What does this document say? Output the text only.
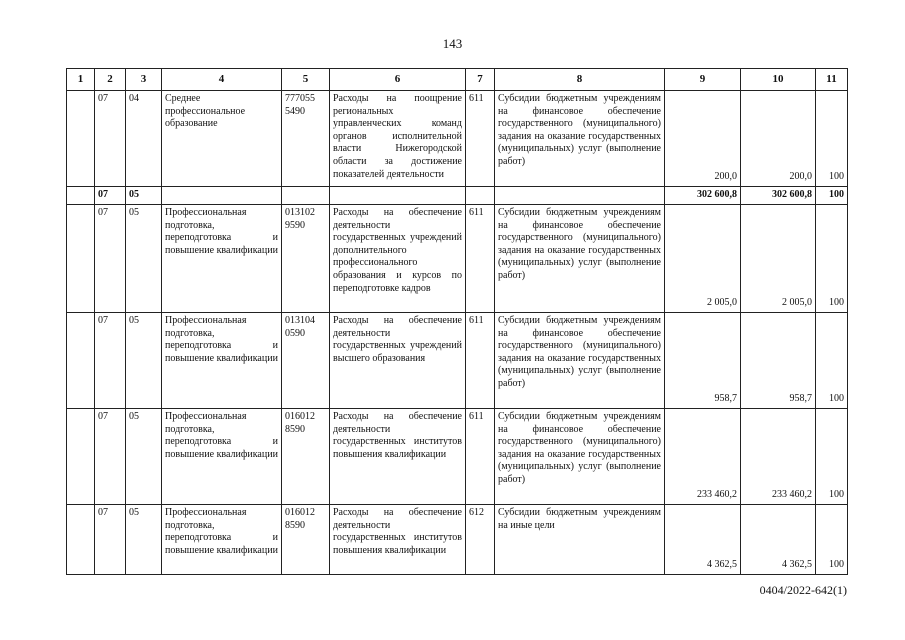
143
1	2	3	4	5	6	7	8	9	10	11
	07	04	Среднее профессиональное образование	777055 5490	Расходы на поощрение региональных управленческих команд органов исполнительной власти Нижегородской области за достижение показателей деятельности	611	Субсидии бюджетным учреждениям на финансовое обеспечение государственного (муниципального) задания на оказание государственных (муниципальных) услуг (выполнение работ)	200,0	200,0	100
	07	05						302 600,8	302 600,8	100
	07	05	Профессиональная подготовка, переподготовка и повышение квалификации	013102 9590	Расходы на обеспечение деятельности государственных учреждений дополнительного профессионального образования и курсов по переподготовке кадров	611	Субсидии бюджетным учреждениям на финансовое обеспечение государственного (муниципального) задания на оказание государственных (муниципальных) услуг (выполнение работ)	2 005,0	2 005,0	100
	07	05	Профессиональная подготовка, переподготовка и повышение квалификации	013104 0590	Расходы на обеспечение деятельности государственных учреждений высшего образования	611	Субсидии бюджетным учреждениям на финансовое обеспечение государственного (муниципального) задания на оказание государственных (муниципальных) услуг (выполнение работ)	958,7	958,7	100
	07	05	Профессиональная подготовка, переподготовка и повышение квалификации	016012 8590	Расходы на обеспечение деятельности государственных институтов повышения квалификации	611	Субсидии бюджетным учреждениям на финансовое обеспечение государственного (муниципального) задания на оказание государственных (муниципальных) услуг (выполнение работ)	233 460,2	233 460,2	100
	07	05	Профессиональная подготовка, переподготовка и повышение квалификации	016012 8590	Расходы на обеспечение деятельности государственных институтов повышения квалификации	612	Субсидии бюджетным учреждениям на иные цели	4 362,5	4 362,5	100
0404/2022-642(1)
